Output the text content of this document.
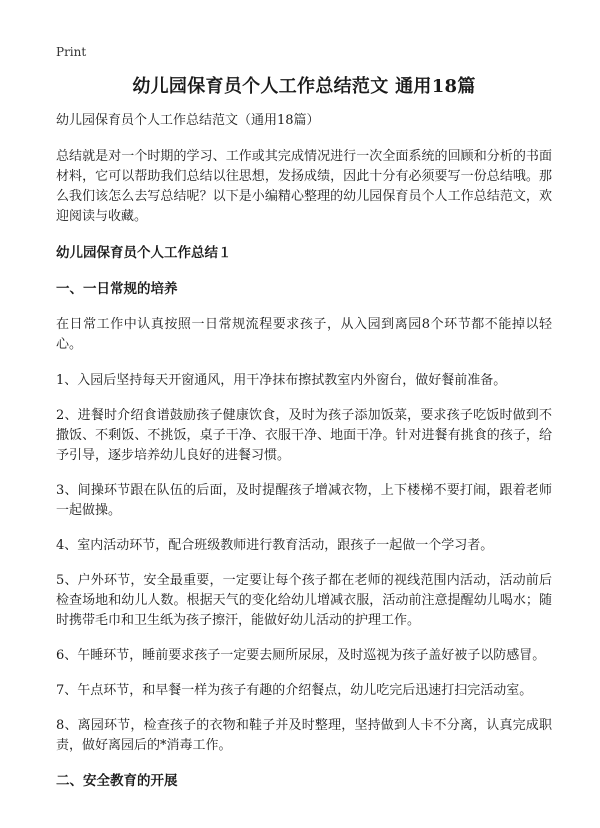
Print
幼儿园保育员个人工作总结范文 通用18篇
幼儿园保育员个人工作总结范文（通用18篇）

总结就是对一个时期的学习、工作或其完成情况进行一次全面系统的回顾和分析的书面材料，它可以帮助我们总结以往思想，发扬成绩，因此十分有必须要写一份总结哦。那么我们该怎么去写总结呢？以下是小编精心整理的幼儿园保育员个人工作总结范文，欢迎阅读与收藏。

幼儿园保育员个人工作总结１
一、一日常规的培养

在日常工作中认真按照一日常规流程要求孩子，从入园到离园8个环节都不能掉以轻心。

1、入园后坚持每天开窗通风，用干净抹布擦拭教室内外窗台，做好餐前准备。

2、进餐时介绍食谱鼓励孩子健康饮食，及时为孩子添加饭菜，要求孩子吃饭时做到不撒饭、不剩饭、不挑饭，桌子干净、衣服干净、地面干净。针对进餐有挑食的孩子，给予引导，逐步培养幼儿良好的进餐习惯。

3、间操环节跟在队伍的后面，及时提醒孩子增减衣物，上下楼梯不要打闹，跟着老师一起做操。

4、室内活动环节，配合班级教师进行教育活动，跟孩子一起做一个学习者。

5、户外环节，安全最重要，一定要让每个孩子都在老师的视线范围内活动，活动前后检查场地和幼儿人数。根据天气的变化给幼儿增减衣服，活动前注意提醒幼儿喝水；随时携带毛巾和卫生纸为孩子擦汗，能做好幼儿活动的护理工作。

6、午睡环节，睡前要求孩子一定要去厕所尿尿，及时巡视为孩子盖好被子以防感冒。

7、午点环节，和早餐一样为孩子有趣的介绍餐点，幼儿吃完后迅速打扫完活动室。

8、离园环节，检查孩子的衣物和鞋子并及时整理，坚持做到人卡不分离，认真完成职责，做好离园后的*消毒工作。

二、安全教育的开展
